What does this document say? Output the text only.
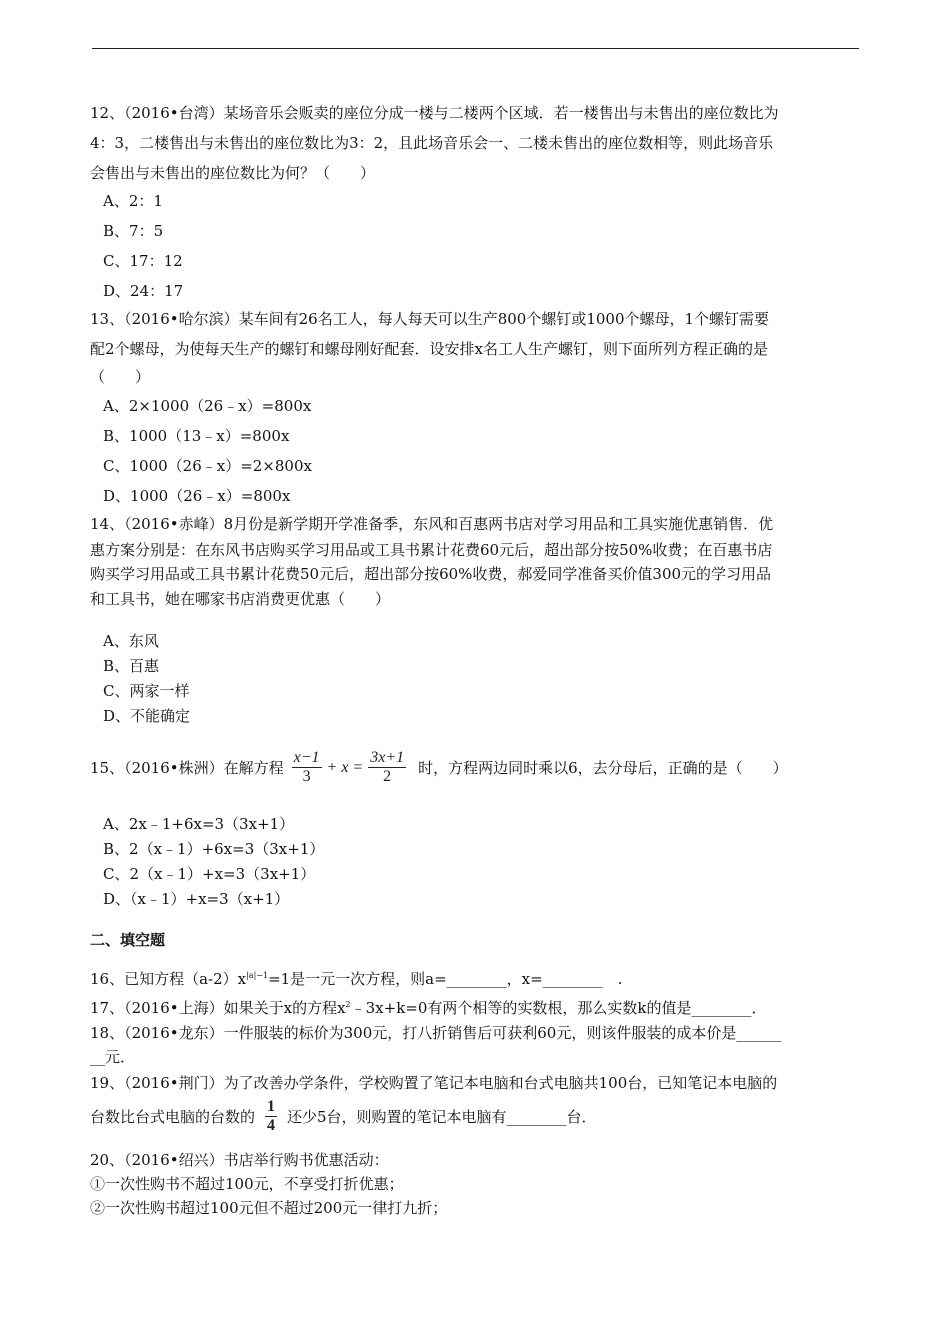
12、（2016•台湾）某场音乐会贩卖的座位分成一楼与二楼两个区域．若一楼售出与未售出的座位数比为
4：3，二楼售出与未售出的座位数比为3：2，且此场音乐会一、二楼未售出的座位数相等，则此场音乐
会售出与未售出的座位数比为何？（　　）
A、2：1
B、7：5
C、17：12
D、24：17
13、（2016•哈尔滨）某车间有26名工人，每人每天可以生产800个螺钉或1000个螺母，1个螺钉需要
配2个螺母，为使每天生产的螺钉和螺母刚好配套．设安排x名工人生产螺钉，则下面所列方程正确的是
（　　）
A、2×1000（26﹣x）=800x
B、1000（13﹣x）=800x
C、1000（26﹣x）=2×800x
D、1000（26﹣x）=800x
14、（2016•赤峰）8月份是新学期开学准备季，东风和百惠两书店对学习用品和工具实施优惠销售．优
惠方案分别是：在东风书店购买学习用品或工具书累计花费60元后，超出部分按50%收费；在百惠书店
购买学习用品或工具书累计花费50元后，超出部分按60%收费，郝爱同学准备买价值300元的学习用品
和工具书，她在哪家书店消费更优惠（　　）
A、东风
B、百惠
C、两家一样
D、不能确定
15、（2016•株洲）在解方程 $\frac{x-1}{3} + x = \frac{3x+1}{2}$ 时，方程两边同时乘以6，去分母后，正确的是（　　）
A、2x﹣1+6x=3（3x+1）
B、2（x﹣1）+6x=3（3x+1）
C、2（x﹣1）+x=3（3x+1）
D、（x﹣1）+x=3（x+1）
二、填空题
16、已知方程$(a-2)x^{|a|-1}=1$是一元一次方程，则a=________，x=________　.
17、（2016•上海）如果关于x的方程$x^2﹣3x+k=0$有两个相等的实数根，那么实数k的值是________．
18、（2016•龙东）一件服装的标价为300元，打八折销售后可获利60元，则该件服装的成本价是______
__元．
19、（2016•荆门）为了改善办学条件，学校购置了笔记本电脑和台式电脑共100台，已知笔记本电脑的
台数比台式电脑的台数的 $\frac{1}{4}$ 还少5台，则购置的笔记本电脑有________台．
20、（2016•绍兴）书店举行购书优惠活动：
①一次性购书不超过100元，不享受打折优惠；
②一次性购书超过100元但不超过200元一律打九折；
